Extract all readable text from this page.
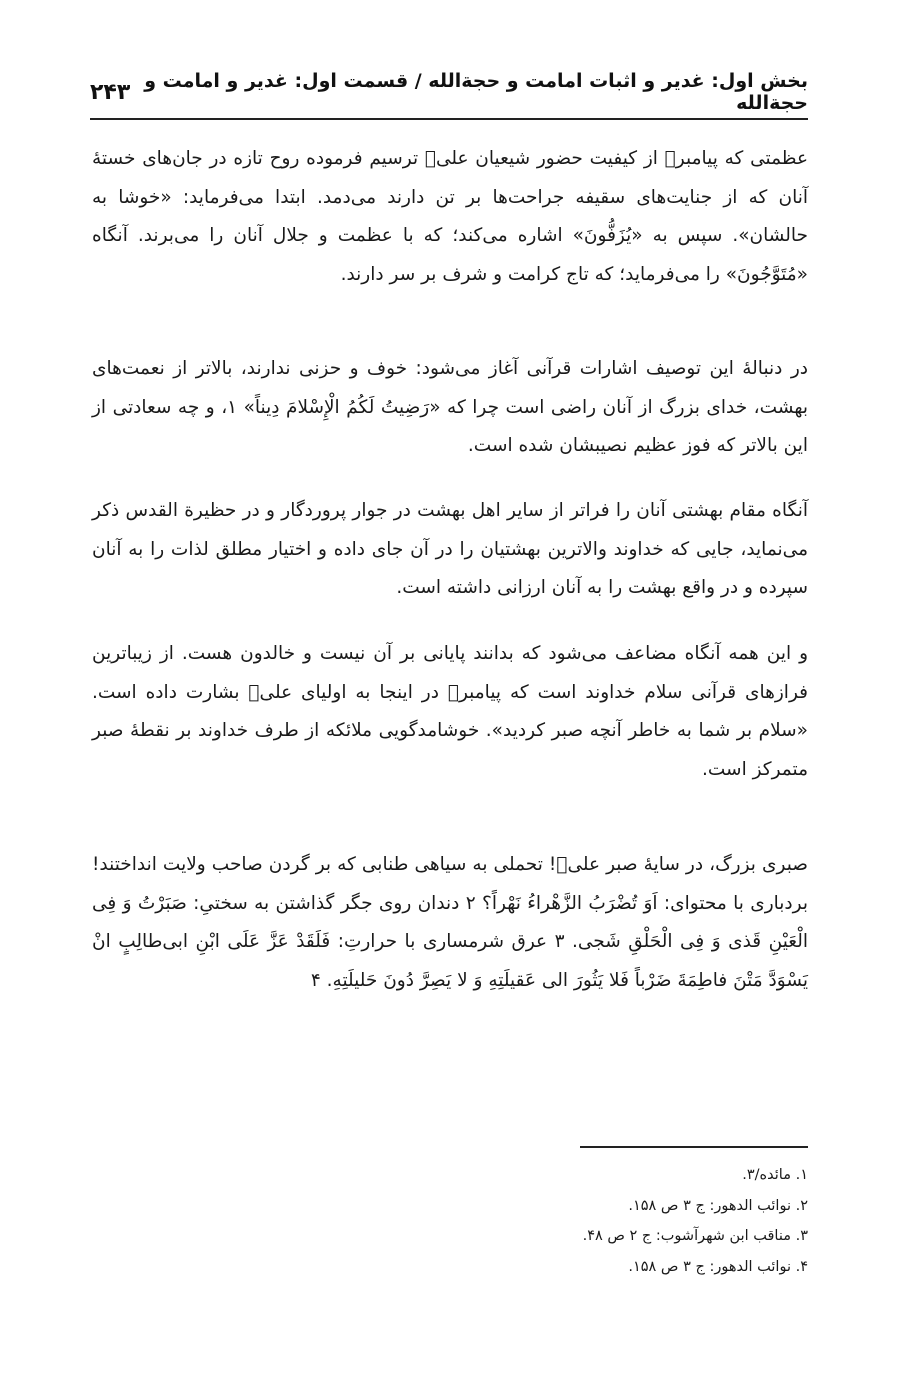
بخش اول: غدیر و اثبات امامت و حجةالله / قسمت اول: غدیر و امامت و حجةالله
۲۴۳

عظمتی که پیامبرﷺ از کیفیت حضور شیعیان علیؑ ترسیم فرموده روح تازه در جان‌های خستهٔ آنان که از جنایت‌های سقیفه جراحت‌ها بر تن دارند می‌دمد. ابتدا می‌فرماید: «خوشا به حالشان». سپس به «یُزَفُّونَ» اشاره می‌کند؛ که با عظمت و جلال آنان را می‌برند. آنگاه «مُتَوَّجُونَ» را می‌فرماید؛ که تاج کرامت و شرف بر سر دارند.

در دنبالهٔ این توصیف اشارات قرآنی آغاز می‌شود: خوف و حزنی ندارند، بالاتر از نعمت‌های بهشت، خدای بزرگ از آنان راضی است چرا که «رَضِیتُ لَکُمُ الْإِسْلامَ دِیناً» ۱، و چه سعادتی از این بالاتر که فوز عظیم نصیبشان شده است.

آنگاه مقام بهشتی آنان را فراتر از سایر اهل بهشت در جوار پروردگار و در حظیرة القدس ذکر می‌نماید، جایی که خداوند والاترین بهشتیان را در آن جای داده و اختیار مطلق لذات را به آنان سپرده و در واقع بهشت را به آنان ارزانی داشته است.

و این همه آنگاه مضاعف می‌شود که بدانند پایانی بر آن نیست و خالدون هست. از زیباترین فرازهای قرآنی سلام خداوند است که پیامبرﷺ در اینجا به اولیای علیؑ بشارت داده است. «سلام بر شما به خاطر آنچه صبر کردید». خوشامدگویی ملائکه از طرف خداوند بر نقطهٔ صبر متمرکز است.

صبری بزرگ، در سایهٔ صبر علیؑ! تحملی به سیاهی طنابی که بر گردن صاحب ولایت انداختند! بردباری با محتوای: اَوَ تُضْرَبُ الزَّهْراءُ نَهْراً؟ ۲ دندان روی جگر گذاشتن به سختیِ: صَبَرْتُ وَ فِی الْعَیْنِ قَذی وَ فِی الْحَلْقِ شَجی. ۳ عرق شرمساری با حرارتِ: فَلَقَدْ عَزَّ عَلَی ابْنِ ابی‌طالِبٍ انْ یَسْوَدَّ مَتْنَ فاطِمَةَ ضَرْباً فَلا یَثُورَ الی عَقیلَتِهِ وَ لا یَصِرَّ دُونَ حَلیلَتِهِ. ۴

۱. مائده/۳.

۲. نوائب الدهور: ج ۳ ص ۱۵۸.

۳. مناقب ابن شهرآشوب: ج ۲ ص ۴۸.

۴. نوائب الدهور: ج ۳ ص ۱۵۸.
